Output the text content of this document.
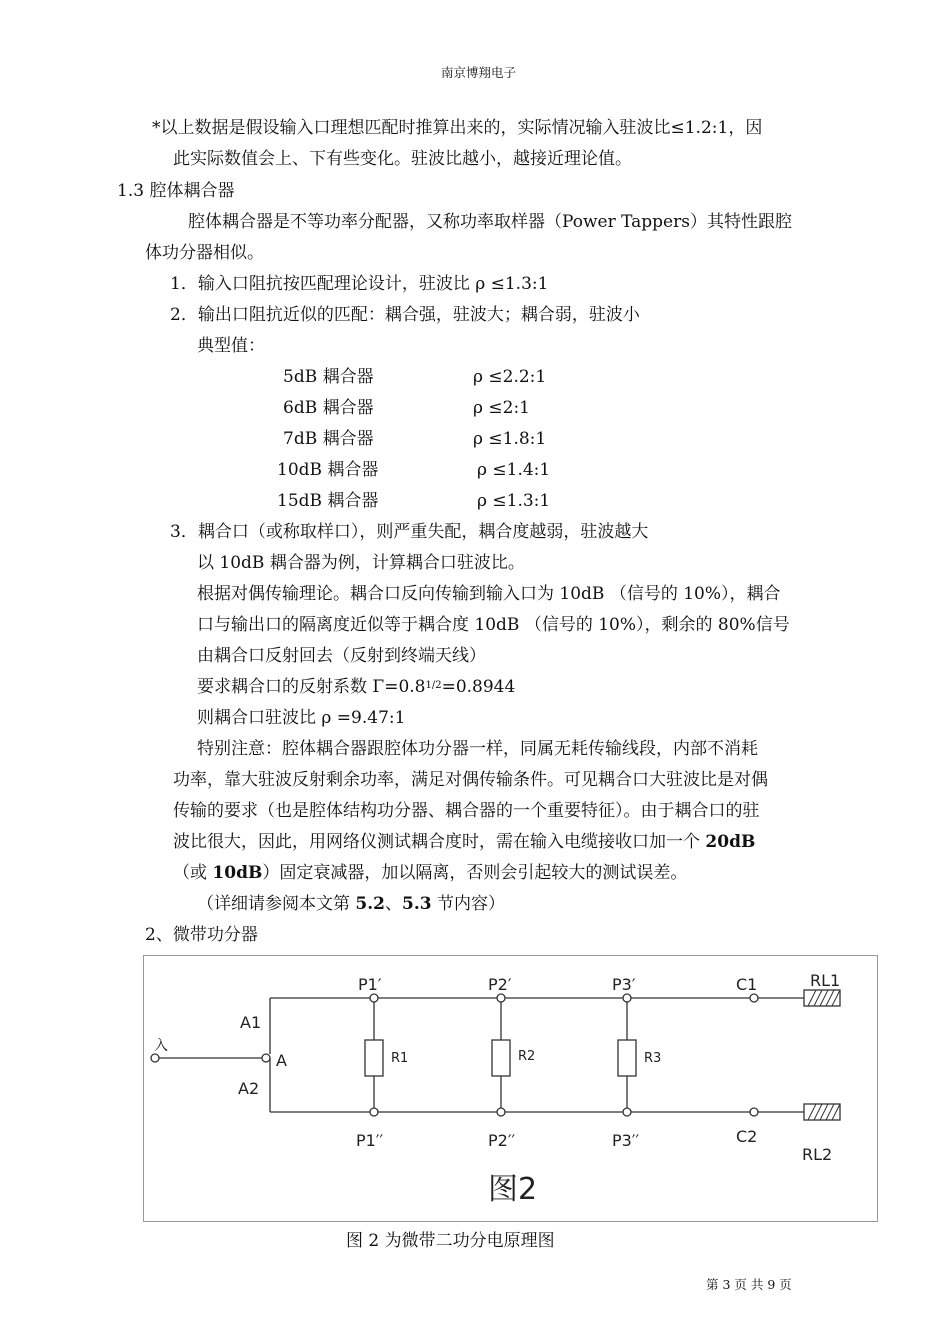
南京博翔电子
*以上数据是假设输入口理想匹配时推算出来的，实际情况输入驻波比≤1.2:1，因
此实际数值会上、下有些变化。驻波比越小，越接近理论值。
1.3 腔体耦合器
腔体耦合器是不等功率分配器，又称功率取样器（Power Tappers）其特性跟腔
体功分器相似。
1．输入口阻抗按匹配理论设计，驻波比 ρ ≤1.3:1
2．输出口阻抗近似的匹配：耦合强，驻波大；耦合弱，驻波小
典型值：
5dB 耦合器	ρ ≤2.2:1
6dB 耦合器	ρ ≤2:1
7dB 耦合器	ρ ≤1.8:1
10dB 耦合器	ρ ≤1.4:1
15dB 耦合器	ρ ≤1.3:1
3．耦合口（或称取样口），则严重失配，耦合度越弱，驻波越大
以 10dB 耦合器为例，计算耦合口驻波比。
根据对偶传输理论。耦合口反向传输到输入口为 10dB （信号的 10%），耦合
口与输出口的隔离度近似等于耦合度 10dB （信号的 10%），剩余的 80%信号
由耦合口反射回去（反射到终端天线）
要求耦合口的反射系数 $\Gamma=0.8^{1/2}=0.8944$
则耦合口驻波比 ρ =9.47:1
特别注意：腔体耦合器跟腔体功分器一样，同属无耗传输线段，内部不消耗
功率，靠大驻波反射剩余功率，满足对偶传输条件。可见耦合口大驻波比是对偶
传输的要求（也是腔体结构功分器、耦合器的一个重要特征）。由于耦合口的驻
波比很大，因此，用网络仪测试耦合度时，需在输入电缆接收口加一个 20dB
（或 10dB）固定衰减器，加以隔离，否则会引起较大的测试误差。
（详细请参阅本文第 5.2、5.3 节内容）
2、微带功分器
入
A
A1
A2
P1′	P2′	P3′	C1	RL1
P1′′	P2′′	P3′′	C2
RL2
R1	R2	R3
图2
图 2 为微带二功分电原理图
第 3 页 共 9 页
